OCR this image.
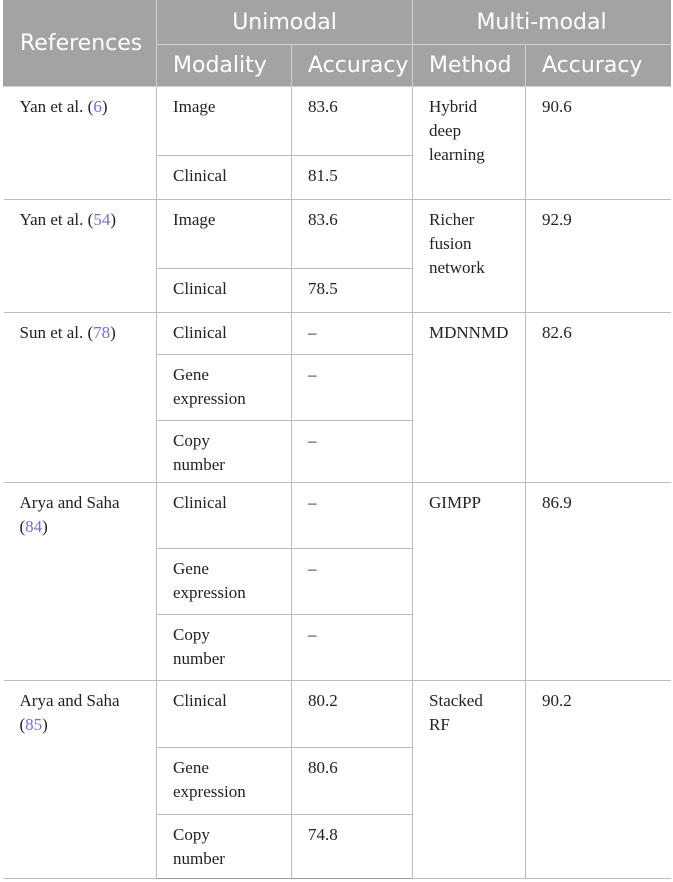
References	Unimodal		Multi-modal	
	Modality	Accuracy	Method	Accuracy
Yan et al. (6)	Image	83.6	Hybrid deep learning	90.6
	Clinical	81.5		
Yan et al. (54)	Image	83.6	Richer fusion network	92.9
	Clinical	78.5		
Sun et al. (78)	Clinical	–	MDNNMD	82.6
	Gene expression	–		
	Copy number	–		
Arya and Saha (84)	Clinical	–	GIMPP	86.9
	Gene expression	–		
	Copy number	–		
Arya and Saha (85)	Clinical	80.2	Stacked RF	90.2
	Gene expression	80.6		
	Copy number	74.8		
